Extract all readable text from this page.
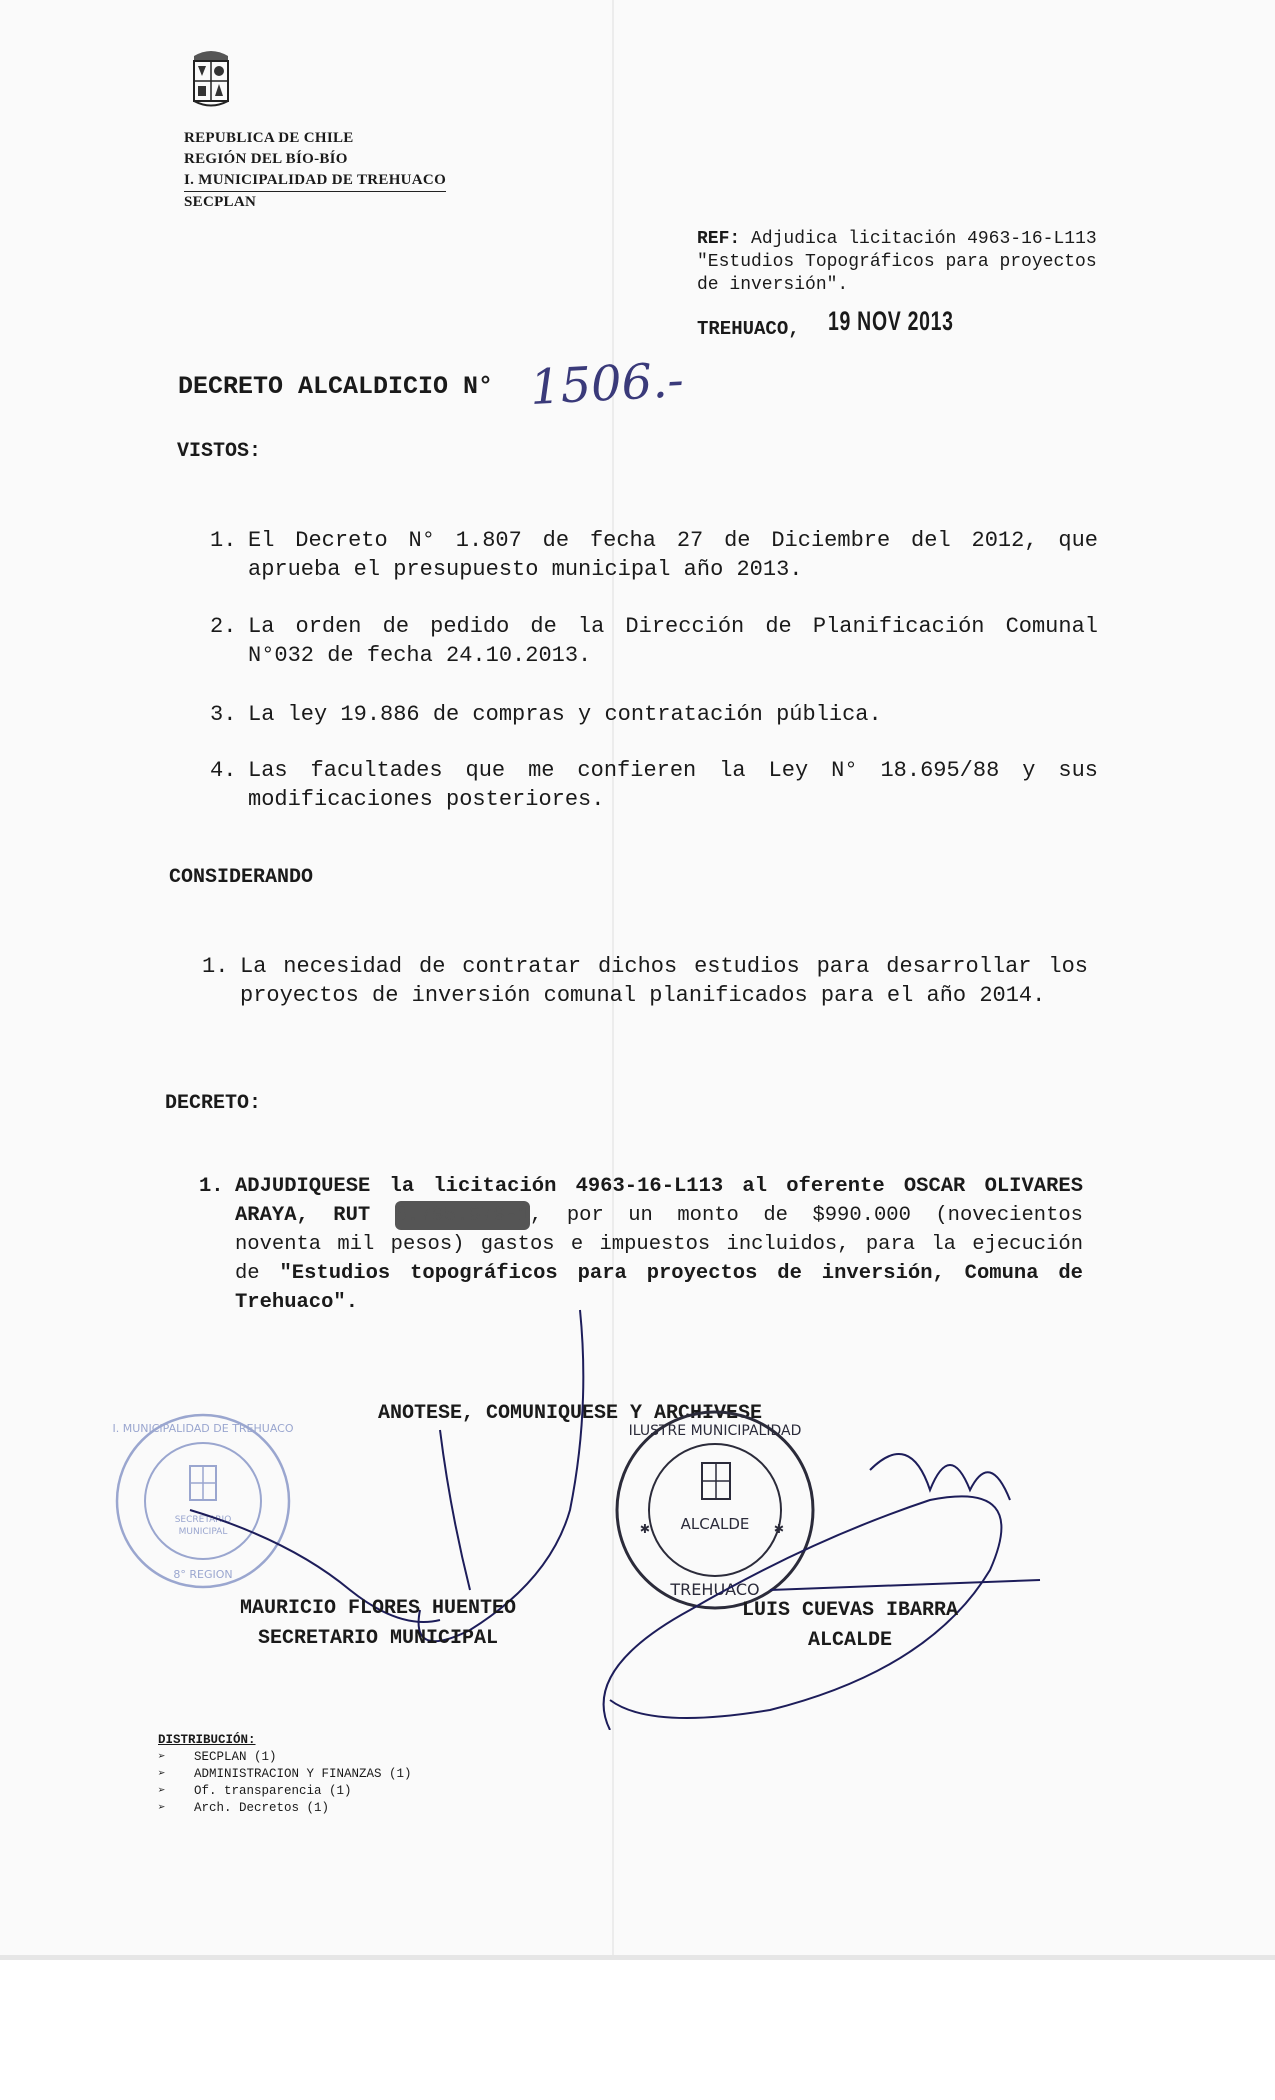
REPUBLICA DE CHILE
REGIÓN DEL BÍO-BÍO
I. MUNICIPALIDAD DE TREHUACO
SECPLAN
REF: Adjudica licitación 4963-16-L113 "Estudios Topográficos para proyectos de inversión".
TREHUACO, 19 NOV 2013
DECRETO ALCALDICIO N° 1506.-
VISTOS:
1. El Decreto N° 1.807 de fecha 27 de Diciembre del 2012, que aprueba el presupuesto municipal año 2013.
2. La orden de pedido de la Dirección de Planificación Comunal N°032 de fecha 24.10.2013.
3. La ley 19.886 de compras y contratación pública.
4. Las facultades que me confieren la Ley N° 18.695/88 y sus modificaciones posteriores.
CONSIDERANDO
1. La necesidad de contratar dichos estudios para desarrollar los proyectos de inversión comunal planificados para el año 2014.
DECRETO:
1. ADJUDIQUESE la licitación 4963-16-L113 al oferente OSCAR OLIVARES ARAYA, RUT 6.795.979-1, por un monto de $990.000 (novecientos noventa mil pesos) gastos e impuestos incluidos, para la ejecución de "Estudios topográficos para proyectos de inversión, Comuna de Trehuaco".
ANOTESE, COMUNIQUESE Y ARCHIVESE
SECRETARIO
MUNICIPAL
8° REGION
I. MUNICIPALIDAD DE TREHUACO
ALCALDE
✱	✱
ILUSTRE MUNICIPALIDAD
TREHUACO
MAURICIO FLORES HUENTEO
SECRETARIO MUNICIPAL
LUIS CUEVAS IBARRA
ALCALDE
DISTRIBUCIÓN:
➢ SECPLAN (1)
➢ ADMINISTRACION Y FINANZAS (1)
➢ Of. transparencia (1)
➢ Arch. Decretos (1)
